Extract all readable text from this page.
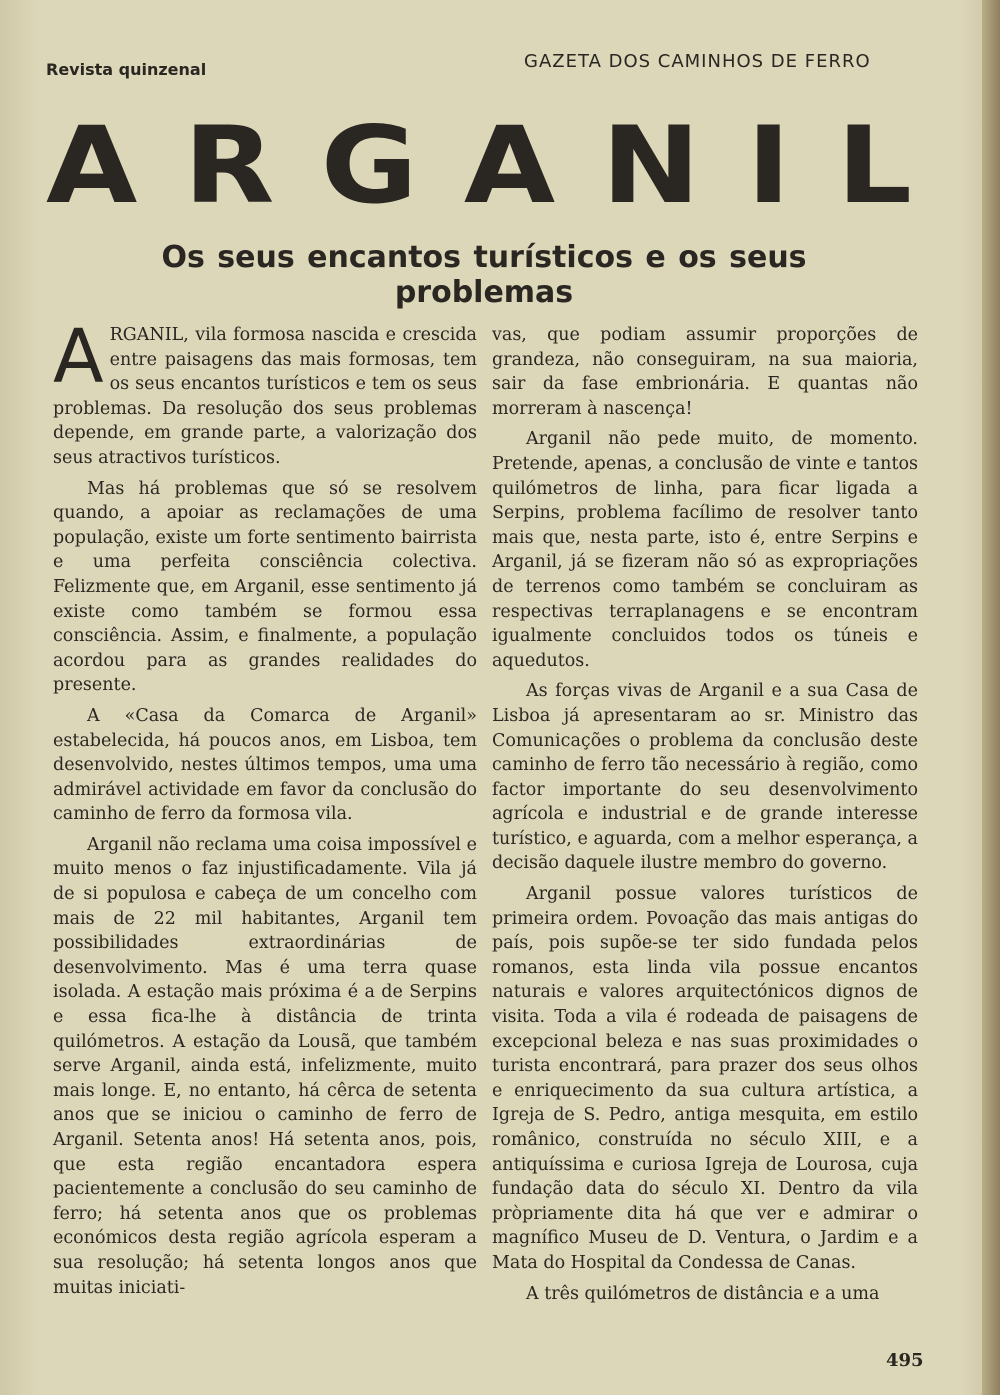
Revista quinzenal	GAZETA DOS CAMINHOS DE FERRO
A R G A N I L
Os seus encantos turísticos e os seus problemas

ARGANIL, vila formosa nascida e crescida entre paisagens das mais formosas, tem os seus encantos turísticos e tem os seus problemas. Da resolução dos seus problemas depende, em grande parte, a valorização dos seus atractivos turísticos.

Mas há problemas que só se resolvem quando, a apoiar as reclamações de uma população, existe um forte sentimento bairrista e uma perfeita consciência colectiva. Felizmente que, em Arganil, esse sentimento já existe como também se formou essa consciência. Assim, e finalmente, a população acordou para as grandes realidades do presente.

A «Casa da Comarca de Arganil» estabelecida, há poucos anos, em Lisboa, tem desenvolvido, nestes últimos tempos, uma uma admirável actividade em favor da conclusão do caminho de ferro da formosa vila.

Arganil não reclama uma coisa impossível e muito menos o faz injustificadamente. Vila já de si populosa e cabeça de um concelho com mais de 22 mil habitantes, Arganil tem possibilidades extraordinárias de desenvolvimento. Mas é uma terra quase isolada. A estação mais próxima é a de Serpins e essa fica-lhe à distância de trinta quilómetros. A estação da Lousã, que também serve Arganil, ainda está, infelizmente, muito mais longe. E, no entanto, há cêrca de setenta anos que se iniciou o caminho de ferro de Arganil. Setenta anos! Há setenta anos, pois, que esta região encantadora espera pacientemente a conclusão do seu caminho de ferro; há setenta anos que os problemas económicos desta região agrícola esperam a sua resolução; há setenta longos anos que muitas iniciati-

vas, que podiam assumir proporções de grandeza, não conseguiram, na sua maioria, sair da fase embrionária. E quantas não morreram à nascença!

Arganil não pede muito, de momento. Pretende, apenas, a conclusão de vinte e tantos quilómetros de linha, para ficar ligada a Serpins, problema facílimo de resolver tanto mais que, nesta parte, isto é, entre Serpins e Arganil, já se fizeram não só as expropriações de terrenos como também se concluiram as respectivas terraplanagens e se encontram igualmente concluidos todos os túneis e aquedutos.

As forças vivas de Arganil e a sua Casa de Lisboa já apresentaram ao sr. Ministro das Comunicações o problema da conclusão deste caminho de ferro tão necessário à região, como factor importante do seu desenvolvimento agrícola e industrial e de grande interesse turístico, e aguarda, com a melhor esperança, a decisão daquele ilustre membro do governo.

Arganil possue valores turísticos de primeira ordem. Povoação das mais antigas do país, pois supõe-se ter sido fundada pelos romanos, esta linda vila possue encantos naturais e valores arquitectónicos dignos de visita. Toda a vila é rodeada de paisagens de excepcional beleza e nas suas proximidades o turista encontrará, para prazer dos seus olhos e enriquecimento da sua cultura artística, a Igreja de S. Pedro, antiga mesquita, em estilo românico, construída no século XIII, e a antiquíssima e curiosa Igreja de Lourosa, cuja fundação data do século XI. Dentro da vila pròpriamente dita há que ver e admirar o magnífico Museu de D. Ventura, o Jardim e a Mata do Hospital da Condessa de Canas.

A três quilómetros de distância e a uma

495
